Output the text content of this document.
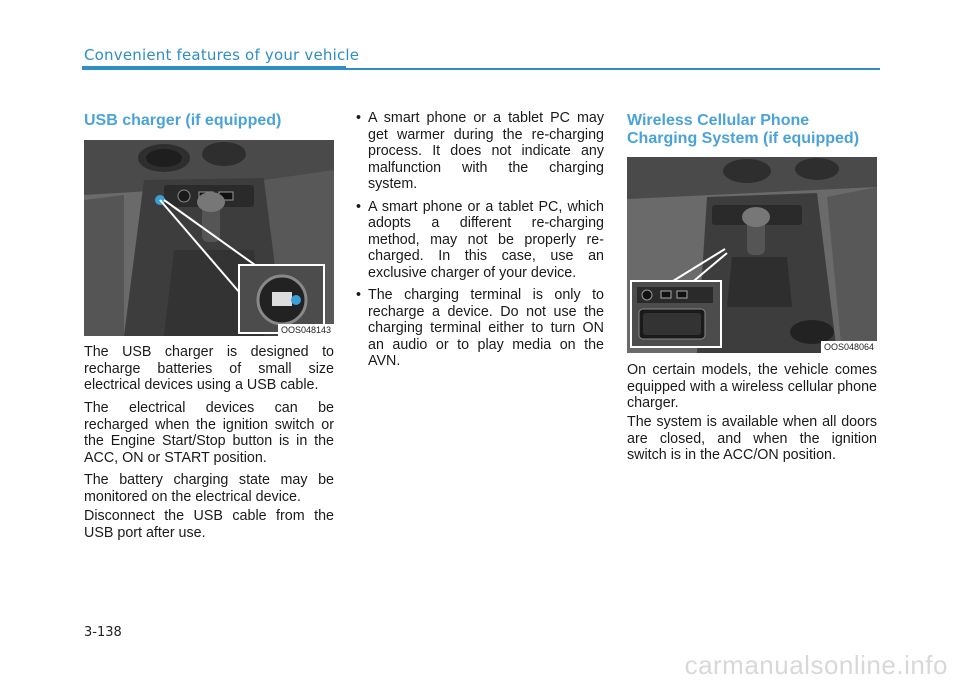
Convenient features of your vehicle
USB charger (if equipped)
OOS048143

The USB charger is designed to recharge batteries of small size electrical devices using a USB cable.

The electrical devices can be recharged when the ignition switch or the Engine Start/Stop button is in the ACC, ON or START position.

The battery charging state may be monitored on the electrical device.

Disconnect the USB cable from the USB port after use.

• A smart phone or a tablet PC may get warmer during the re-charging process. It does not indicate any malfunction with the charging system.
• A smart phone or a tablet PC, which adopts a different re-charging method, may not be properly re-charged. In this case, use an exclusive charger of your device.
• The charging terminal is only to recharge a device. Do not use the charging terminal either to turn ON an audio or to play media on the AVN.
Wireless Cellular Phone
Charging System (if equipped)
OOS048064

On certain models, the vehicle comes equipped with a wireless cellular phone charger.

The system is available when all doors are closed, and when the ignition switch is in the ACC/ON position.

3-138
carmanualsonline.info
